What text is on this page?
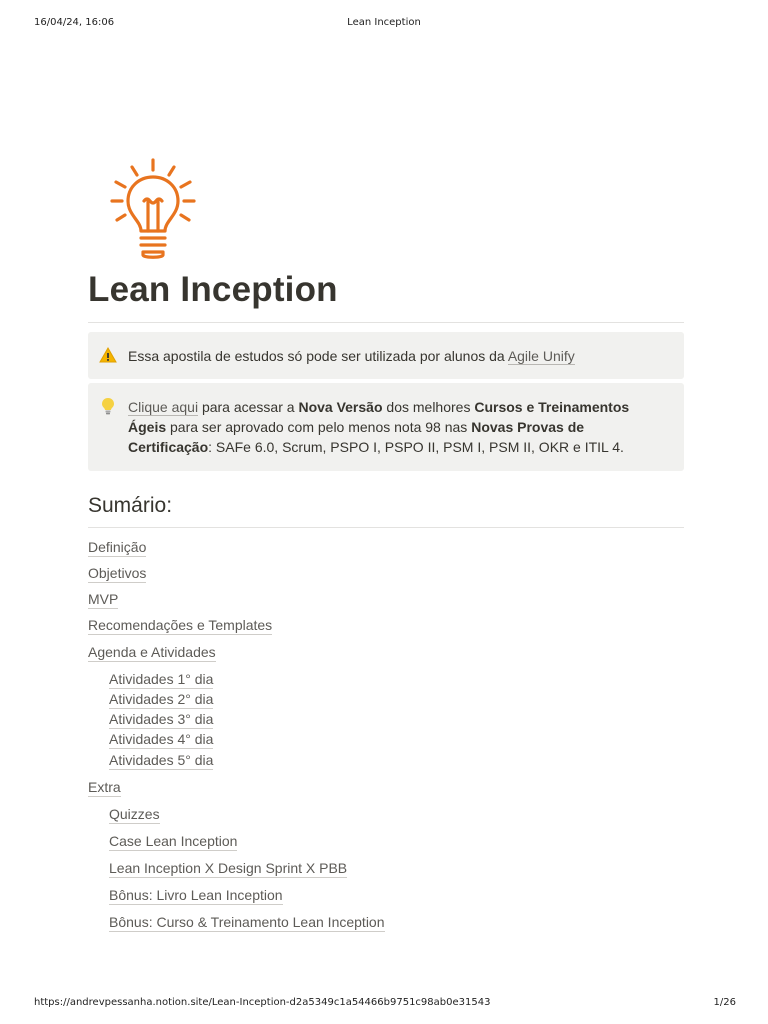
16/04/24, 16:06	Lean Inception
Lean Inception
Essa apostila de estudos só pode ser utilizada por alunos da Agile Unify
Clique aqui para acessar a Nova Versão dos melhores Cursos e Treinamentos Ágeis para ser aprovado com pelo menos nota 98 nas Novas Provas de Certificação: SAFe 6.0, Scrum, PSPO I, PSPO II, PSM I, PSM II, OKR e ITIL 4.
Sumário:
Definição
Objetivos
MVP
Recomendações e Templates
Agenda e Atividades
Atividades 1° dia
Atividades 2° dia
Atividades 3° dia
Atividades 4° dia
Atividades 5° dia
Extra
Quizzes
Case Lean Inception
Lean Inception X Design Sprint X PBB
Bônus: Livro Lean Inception
Bônus: Curso & Treinamento Lean Inception
https://andrevpessanha.notion.site/Lean-Inception-d2a5349c1a54466b9751c98ab0e31543	1/26
